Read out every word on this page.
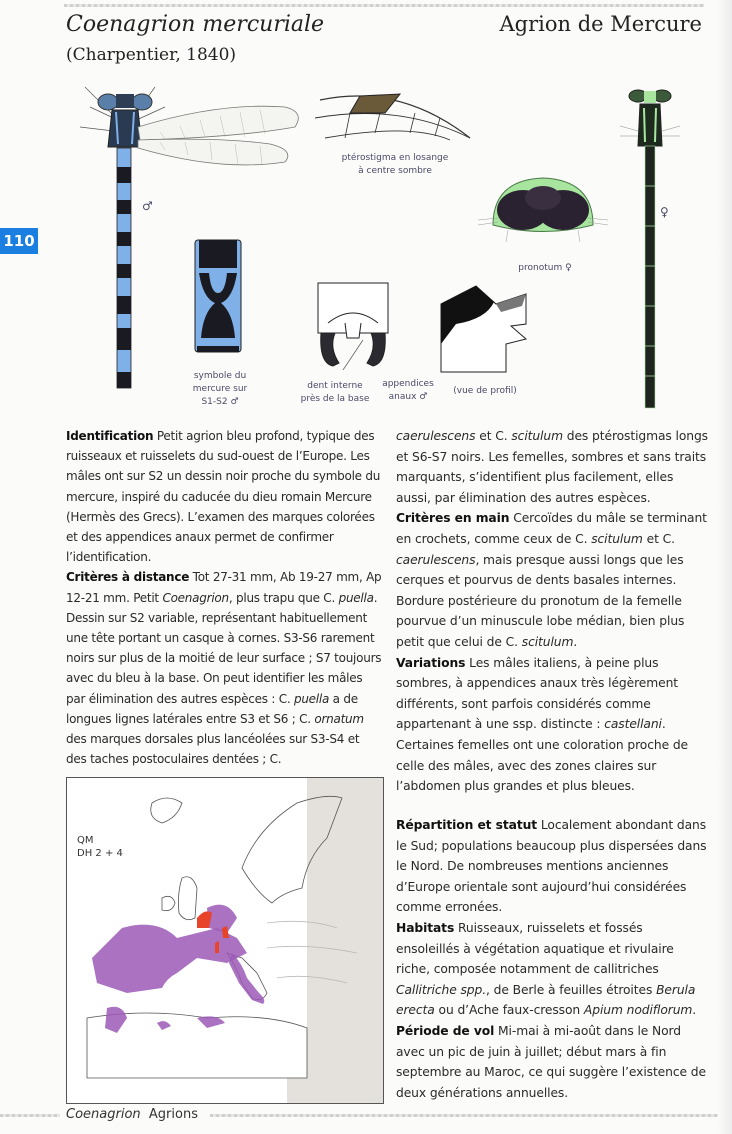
Coenagrion mercuriale
(Charpentier, 1840)
Agrion de Mercure
110
♂
ptérostigma en losange
à centre sombre
pronotum ♀
♀
symbole du
mercure sur
S1-S2 ♂
dent interne
près de la base
appendices
anaux ♂
(vue de profil)

Identification Petit agrion bleu profond, typique des ruisseaux et ruisselets du sud-ouest de l’Europe. Les mâles ont sur S2 un dessin noir proche du symbole du mercure, inspiré du caducée du dieu romain Mercure (Hermès des Grecs). L’examen des marques colorées et des appendices anaux permet de confirmer l’identification.

Critères à distance Tot 27-31 mm, Ab 19-27 mm, Ap 12-21 mm. Petit Coenagrion, plus trapu que C. puella. Dessin sur S2 variable, représentant habituellement une tête portant un casque à cornes. S3-S6 rarement noirs sur plus de la moitié de leur surface ; S7 toujours avec du bleu à la base. On peut identifier les mâles par élimination des autres espèces : C. puella a de longues lignes latérales entre S3 et S6 ; C. ornatum des marques dorsales plus lancéolées sur S3-S4 et des taches postoculaires dentées ; C.

caerulescens et C. scitulum des ptérostigmas longs et S6-S7 noirs. Les femelles, sombres et sans traits marquants, s’identifient plus facilement, elles aussi, par élimination des autres espèces.

Critères en main Cercoïdes du mâle se terminant en crochets, comme ceux de C. scitulum et C. caerulescens, mais presque aussi longs que les cerques et pourvus de dents basales internes. Bordure postérieure du pronotum de la femelle pourvue d’un minuscule lobe médian, bien plus petit que celui de C. scitulum.

Variations Les mâles italiens, à peine plus sombres, à appendices anaux très légèrement différents, sont parfois considérés comme appartenant à une ssp. distincte : castellani. Certaines femelles ont une coloration proche de celle des mâles, avec des zones claires sur l’abdomen plus grandes et plus bleues.

Répartition et statut Localement abondant dans le Sud; populations beaucoup plus dispersées dans le Nord. De nombreuses mentions anciennes d’Europe orientale sont aujourd’hui considérées comme erronées.

Habitats Ruisseaux, ruisselets et fossés ensoleillés à végétation aquatique et rivulaire riche, composée notamment de callitriches Callitriche spp., de Berle à feuilles étroites Berula erecta ou d’Ache faux-cresson Apium nodiflorum.

Période de vol Mi-mai à mi-août dans le Nord avec un pic de juin à juillet; début mars à fin septembre au Maroc, ce qui suggère l’existence de deux générations annuelles.

QM
DH 2 + 4
Coenagrion Agrions
